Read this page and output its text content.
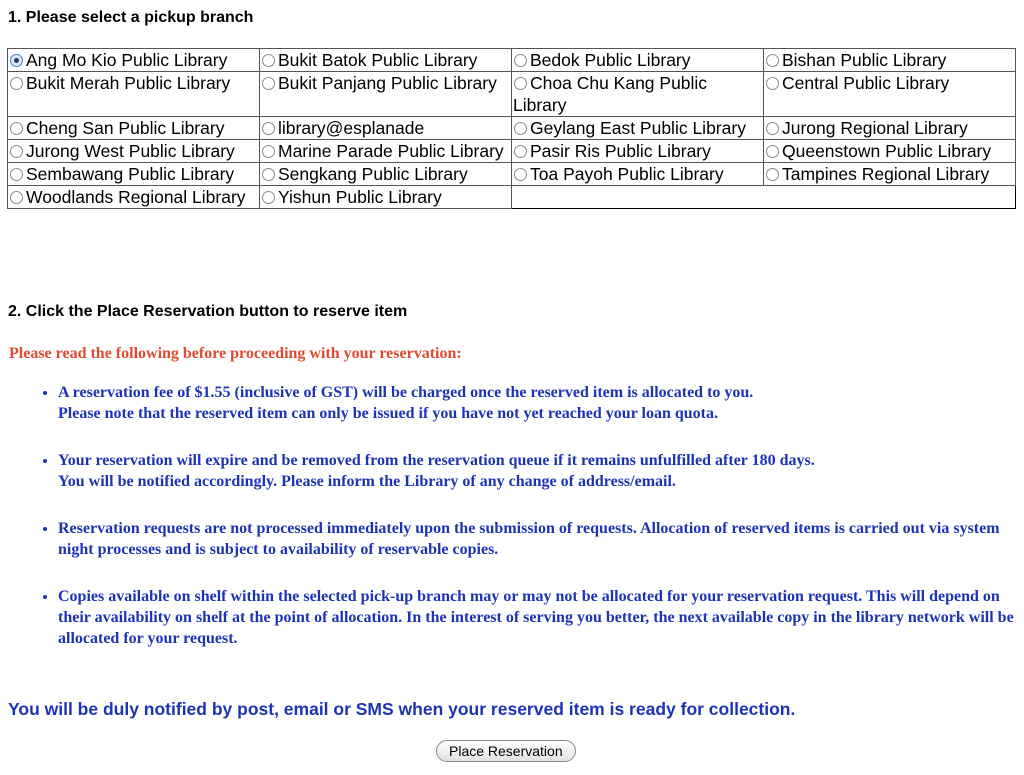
1. Please select a pickup branch
Ang Mo Kio Public Library	Bukit Batok Public Library	Bedok Public Library	Bishan Public Library
Bukit Merah Public Library	Bukit Panjang Public Library	Choa Chu Kang Public Library	Central Public Library
Cheng San Public Library	library@esplanade	Geylang East Public Library	Jurong Regional Library
Jurong West Public Library	Marine Parade Public Library	Pasir Ris Public Library	Queenstown Public Library
Sembawang Public Library	Sengkang Public Library	Toa Payoh Public Library	Tampines Regional Library
Woodlands Regional Library	Yishun Public Library		
2. Click the Place Reservation button to reserve item
Please read the following before proceeding with your reservation:
• A reservation fee of $1.55 (inclusive of GST) will be charged once the reserved item is allocated to you.
Please note that the reserved item can only be issued if you have not yet reached your loan quota.
• Your reservation will expire and be removed from the reservation queue if it remains unfulfilled after 180 days.
You will be notified accordingly. Please inform the Library of any change of address/email.
• Reservation requests are not processed immediately upon the submission of requests. Allocation of reserved items is carried out via system night processes and is subject to availability of reservable copies.
• Copies available on shelf within the selected pick-up branch may or may not be allocated for your reservation request. This will depend on their availability on shelf at the point of allocation. In the interest of serving you better, the next available copy in the library network will be allocated for your request.
You will be duly notified by post, email or SMS when your reserved item is ready for collection.
Place Reservation
